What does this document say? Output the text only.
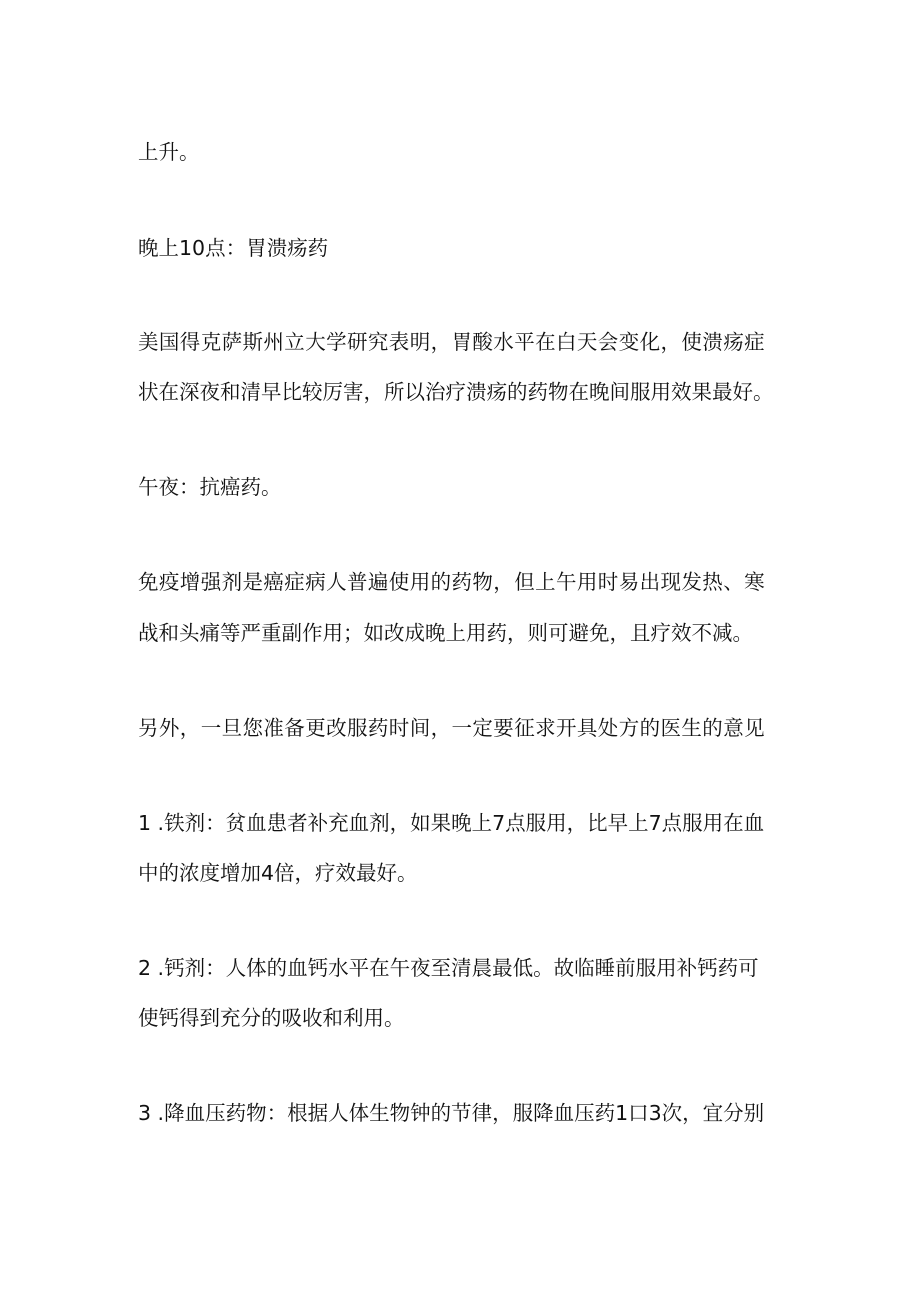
上升。
晚上10点：胃溃疡药
美国得克萨斯州立大学研究表明，胃酸水平在白天会变化，使溃疡症
状在深夜和清早比较厉害，所以治疗溃疡的药物在晚间服用效果最好。
午夜：抗癌药。
免疫增强剂是癌症病人普遍使用的药物，但上午用时易出现发热、寒
战和头痛等严重副作用；如改成晚上用药，则可避免，且疗效不减。
另外，一旦您准备更改服药时间，一定要征求开具处方的医生的意见
1 .铁剂：贫血患者补充血剂，如果晚上7点服用，比早上7点服用在血
中的浓度增加4倍，疗效最好。
2 .钙剂：人体的血钙水平在午夜至清晨最低。故临睡前服用补钙药可
使钙得到充分的吸收和利用。
3 .降血压药物：根据人体生物钟的节律，服降血压药1口3次，宜分别
